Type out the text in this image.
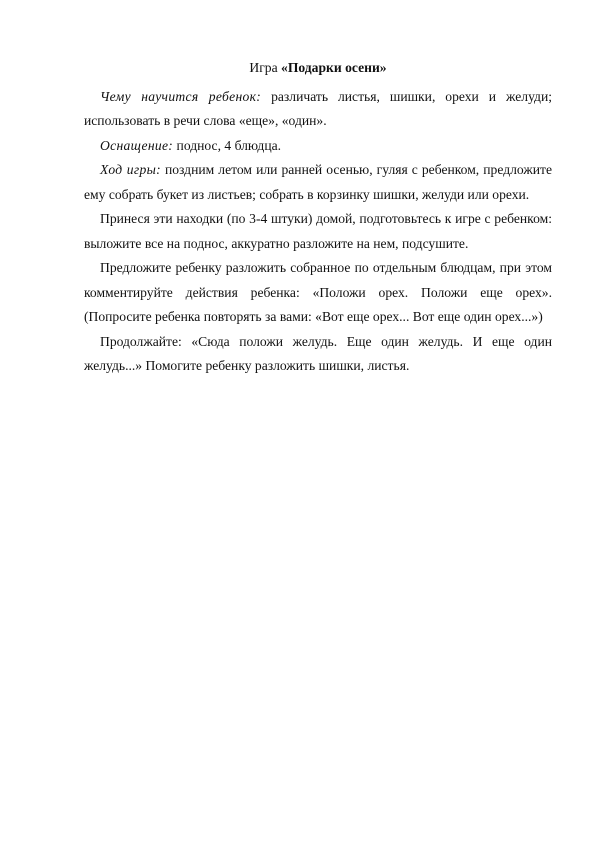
Игра «Подарки осени»

Чему научится ребенок: различать листья, шишки, орехи и желуди; использовать в речи слова «еще», «один».

Оснащение: поднос, 4 блюдца.

Ход игры: поздним летом или ранней осенью, гуляя с ребенком, предложите ему собрать букет из листьев; собрать в корзинку шишки, желуди или орехи.

Принеся эти находки (по 3-4 штуки) домой, подготовьтесь к игре с ребенком: выложите все на поднос, аккуратно разложите на нем, подсушите.

Предложите ребенку разложить собранное по отдельным блюдцам, при этом комментируйте действия ребенка: «Положи орех. Положи еще орех». (Попросите ребенка повторять за вами: «Вот еще орех... Вот еще один орех...»)

Продолжайте: «Сюда положи желудь. Еще один желудь. И еще один желудь...» Помогите ребенку разложить шишки, листья.
